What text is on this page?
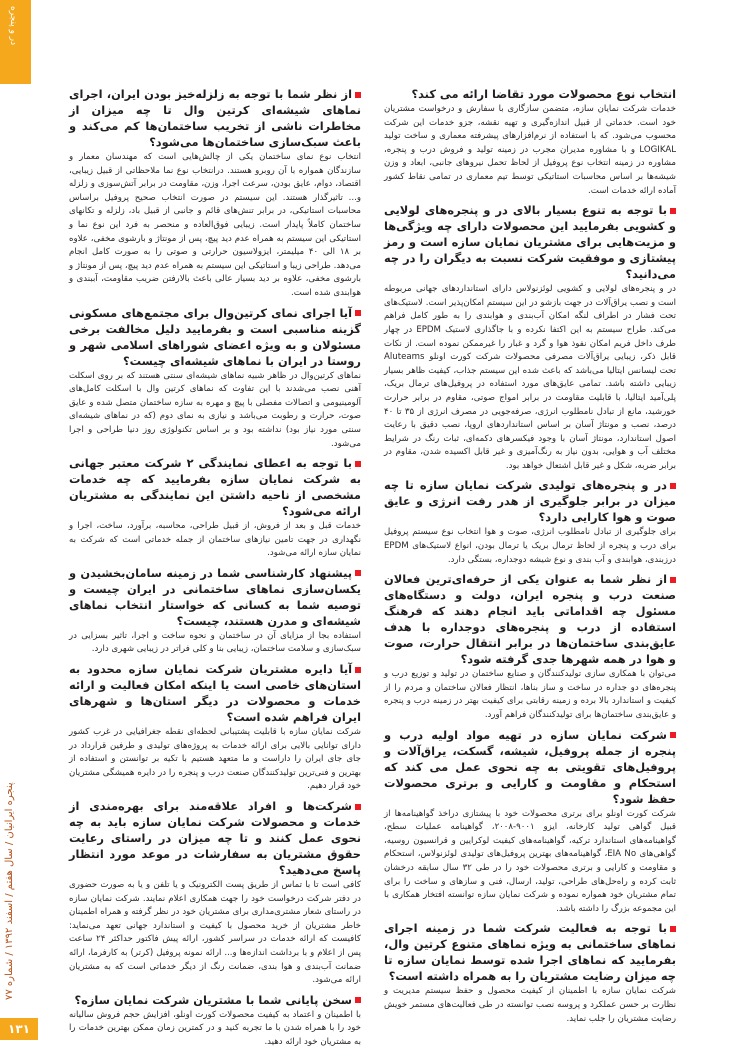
در و پنجره
پنجره ایرانیان / سال هفتم / اسفند ۱۳۹۲ / شماره ۷۷
۱۳۱
انتخاب نوع محصولات مورد تقاضا ارائه می کند؟
خدمات شرکت نمایان سازه، متضمن سازگاری با سفارش و درخواست مشتریان خود است. خدماتی از قبیل اندازه‌گیری و تهیه نقشه، جزو خدمات این شرکت محسوب می‌شود. که با استفاده از نرم‌افزارهای پیشرفته معماری و ساخت تولید LOGIKAL و با مشاوره مدیران مجرب در زمینه تولید و فروش درب و پنجره، مشاوره در زمینه انتخاب نوع پروفیل از لحاظ تحمل نیروهای جانبی، ابعاد و وزن شیشه‌ها بر اساس محاسبات استاتیکی توسط تیم معماری در تمامی نقاط کشور آماده ارائه خدمات است.
با توجه به تنوع بسیار بالای در و پنجره‌های لولایی و کشویی بفرمایید این محصولات دارای چه ویژگی‌ها و مزیت‌هایی برای مشتریان نمایان سازه است و رمز پیشتازی و موفقیت شرکت نسبت به دیگران را در چه می‌دانید؟
در و پنجره‌های لولایی و کشویی لوئزنولاس دارای استانداردهای جهانی مربوطه است و نصب یراق‌آلات در جهت بازشو در این سیستم امکان‌پذیر است. لاستیک‌های تحت فشار در اطراف لنگه امکان آب‌بندی و هوابندی را به طور کامل فراهم می‌کند. طراح سیستم به این اکتفا نکرده و با جاگذاری لاستیک EPDM در چهار طرف داخل فریم امکان نفوذ هوا و گرد و غبار را غیرممکن نموده است. از نکات قابل ذکر، زیبایی یراق‌آلات مصرفی محصولات شرکت کورت اونلو Aluteams تحت لیسانس ایتالیا می‌باشد که باعث شده این سیستم جذاب، کیفیت ظاهر بسیار زیبایی داشته باشد. تمامی عایق‌های مورد استفاده در پروفیل‌های ترمال بریک، پلی‌آمید ایتالیا، با قابلیت مقاومت در برابر امواج صوتی، مقاوم در برابر حرارت خورشید، مانع از تبادل نامطلوب انرژی، صرفه‌جویی در مصرف انرژی از ۳۵ تا ۴۰ درصد، نصب و مونتاژ آسان بر اساس استانداردهای اروپا، نصب دقیق با رعایت اصول استاندارد، مونتاژ آسان با وجود فیکسرهای دکمه‌ای، ثبات رنگ در شرایط مختلف آب و هوایی، بدون نیاز به رنگ‌آمیزی و غیر قابل اکسیده شدن، مقاوم در برابر ضربه، شکل و غیر قابل اشتعال خواهد بود.
در و پنجره‌های تولیدی شرکت نمایان سازه تا چه میزان در برابر جلوگیری از هدر رفت انرژی و عایق صوت و هوا کارایی دارد؟
برای جلوگیری از تبادل نامطلوب انرژی، صوت و هوا انتخاب نوع سیستم پروفیل برای درب و پنجره از لحاظ ترمال بریک یا ترمال بودن، انواع لاستیک‌های EPDM درزبندی، هوابندی و آب بندی و نوع شیشه دوجداره، بستگی دارد.
از نظر شما به عنوان یکی از حرفه‌ای‌ترین فعالان صنعت درب و پنجره ایران، دولت و دستگاه‌های مسئول چه اقداماتی باید انجام دهند که فرهنگ استفاده از درب و پنجره‌های دوجداره با هدف عایق‌بندی ساختمان‌ها در برابر انتقال حرارت، صوت و هوا در همه شهرها جدی گرفته شود؟
می‌توان با همکاری سازی تولیدکنندگان و صنایع ساختمان در تولید و توزیع درب و پنجره‌های دو جداره در ساخت و ساز بناها، انتظار فعالان ساختمان و مردم را از کیفیت و استاندارد بالا برده و زمینه رقابتی برای کیفیت بهتر در زمینه درب و پنجره و عایق‌بندی ساختمان‌ها برای تولیدکنندگان فراهم آورد.
شرکت نمایان سازه در تهیه مواد اولیه درب و پنجره از جمله پروفیل، شیشه، گسکت، یراق‌آلات و پروفیل‌های تقویتی به چه نحوی عمل می کند که استحکام و مقاومت و کارایی و برتری محصولات حفظ شود؟
شرکت کورت اونلو برای برتری محصولات خود با پیشتازی دراخذ گواهینامه‌ها از قبیل گواهی تولید کارخانه، ایزو ۹۰۰۱-۲۰۰۸، گواهینامه عملیات سطح، گواهینامه‌های استاندارد ترکیه، گواهینامه‌های کیفیت لوکرایین و قرانسیون روسیه، گواهی‌های EIA No، گواهینامه‌های بهترین پروفیل‌های تولیدی لوئزنولاس، استحکام و مقاومت و کارایی و برتری محصولات خود را در طی ۳۲ سال سابقه درخشان ثابت کرده و راه‌حل‌های طراحی، تولید، ارسال، فنی و سازهای و ساخت را برای تمام مشتریان خود همواره نموده و شرکت نمایان سازه توانسته افتخار همکاری با این مجموعه بزرگ را داشته باشد.
با توجه به فعالیت شرکت شما در زمینه اجرای نماهای ساختمانی به ویژه نماهای متنوع کرتین وال، بفرمایید که نماهای اجرا شده توسط نمایان سازه تا چه میزان رضایت مشتریان را به همراه داشته است؟
شرکت نمایان سازه با اطمینان از کیفیت محصول و حفظ سیستم مدیریت و نظارت بر حسن عملکرد و پروسه نصب توانسته در طی فعالیت‌های مستمر خویش رضایت مشتریان را جلب نماید.
از نظر شما با توجه به زلزله‌خیز بودن ایران، اجرای نماهای شیشه‌ای کرتین وال تا چه میزان از مخاطرات ناشی از تخریب ساختمان‌ها کم می‌کند و باعث سبک‌سازی ساختمان‌ها می‌شود؟
انتخاب نوع نمای ساختمان یکی از چالش‌هایی است که مهندسان معمار و سازندگان همواره با آن روبرو هستند. درانتخاب نوع نما ملاحظاتی از قبیل زیبایی، اقتصاد، دوام، عایق بودن، سرعت اجرا، وزن، مقاومت در برابر آتش‌سوزی و زلزله و... تاثیرگذار هستند. این سیستم در صورت انتخاب صحیح پروفیل براساس محاسبات استاتیکی، در برابر تنش‌های قائم و جانبی از قبیل باد، زلزله و تکانهای ساختمان کاملاً پایدار است. زیبایی فوق‌العاده و منحصر به فرد این نوع نما و استاتیکی این سیستم به همراه عدم دید پیچ، پس از مونتاژ و بارشوی مخفی، علاوه بر ۱۸ الی ۴۰ میلیمتر، ایزولاسیون حرارتی و صوتی را به صورت کامل انجام می‌دهد. طراحی زیبا و استاتیکی این سیستم به همراه عدم دید پیچ، پس از مونتاژ و بارشوی مخفی، علاوه بر دید بسیار عالی باعث بالارفتن ضریب مقاومت، آببندی و هوابندی شده است.
آیا اجرای نمای کرتین‌وال برای مجتمع‌های مسکونی گزینه مناسبی است و بفرمایید دلیل مخالفت برخی مسئولان و به ویژه اعضای شوراهای اسلامی شهر و روستا در ایران با نماهای شیشه‌ای چیست؟
نماهای کرتین‌وال در ظاهر شبیه نماهای شیشه‌ای سنتی هستند که بر روی اسکلت آهنی نصب می‌شدند با این تفاوت که نماهای کرتین وال با اسکلت کامل‌های آلومینیومی و اتصالات مفصلی با پیچ و مهره به سازه ساختمان متصل شده و عایق صوت، حرارت و رطوبت می‌باشد و نیازی به نمای دوم (که در نماهای شیشه‌ای سنتی مورد نیاز بود) نداشته بود و بر اساس تکنولوژی روز دنیا طراحی و اجرا می‌شود.
با توجه به اعطای نمایندگی ۲ شرکت معتبر جهانی به شرکت نمایان سازه بفرمایید که چه خدمات مشخصی از ناحیه داشتن این نمایندگی به مشتریان ارائه می‌شود؟
خدمات قبل و بعد از فروش، از قبیل طراحی، محاسبه، برآورد، ساخت، اجرا و نگهداری در جهت تامین نیازهای ساختمان از جمله خدماتی است که شرکت به نمایان سازه ارائه می‌شود.
پیشنهاد کارشناسی شما در زمینه سامان‌بخشیدن و یکسان‌سازی نماهای ساختمانی در ایران چیست و توصیه شما به کسانی که خواستار انتخاب نماهای شیشه‌ای و مدرن هستند، چیست؟
استفاده بجا از مزایای آن در ساختمان و نحوه ساخت و اجرا، تاثیر بسزایی در سبک‌سازی و سلامت ساختمان، زیبایی بنا و کلی فراتر در زیبایی شهری دارد.
آیا دایره مشتریان شرکت نمایان سازه محدود به استان‌های خاصی است یا اینکه امکان فعالیت و ارائه خدمات و محصولات در دیگر استان‌ها و شهرهای ایران فراهم شده است؟
شرکت نمایان سازه با قابلیت پشتیبانی لحظه‌ای نقطه جغرافیایی در غرب کشور دارای توانایی بالایی برای ارائه خدمات به پروژه‌های تولیدی و طرفین قرارداد در جای جای ایران را داراست و ما متعهد هستیم با تکیه بر توانستن و استفاده از بهترین و فنی‌ترین تولیدکنندگان صنعت درب و پنجره را در دایره همیشگی مشتریان خود قرار دهیم.
شرکت‌ها و افراد علاقه‌مند برای بهره‌مندی از خدمات و محصولات شرکت نمایان سازه باید به چه نحوی عمل کنند و تا چه میزان در راستای رعایت حقوق مشتریان به سفارشات در موعد مورد انتظار پاسخ می‌دهید؟
کافی است تا با تماس از طریق پست الکترونیک و یا تلفن و یا به صورت حضوری در دفتر شرکت درخواست خود را جهت همکاری اعلام نمایند. شرکت نمایان سازه در راستای شعار مشتری‌مداری برای مشتریان خود در نظر گرفته و همراه اطمینان خاطر مشتریان از خرید محصول با کیفیت و استاندارد جهانی تعهد می‌نماید: کافیست که ارائه خدمات در سراسر کشور، ارائه پیش فاکتور حداکثر ۲۴ ساعت پس از اعلام و با برداشت اندازه‌ها و... ارائه نمونه پروفیل (کرتر) به کارفرما، ارائه ضمانت آب‌بندی و هوا بندی، ضمانت رنگ از دیگر خدماتی است که به مشتریان ارائه می‌شود.
سخن پایانی شما با مشتریان شرکت نمایان سازه؟
با اطمینان و اعتماد به کیفیت محصولات کورت اونلو، افزایش حجم فروش سالیانه خود را با همراه شدن با ما تجربه کنید و در کمترین زمان ممکن بهترین خدمات را به مشتریان خود ارائه دهید.
